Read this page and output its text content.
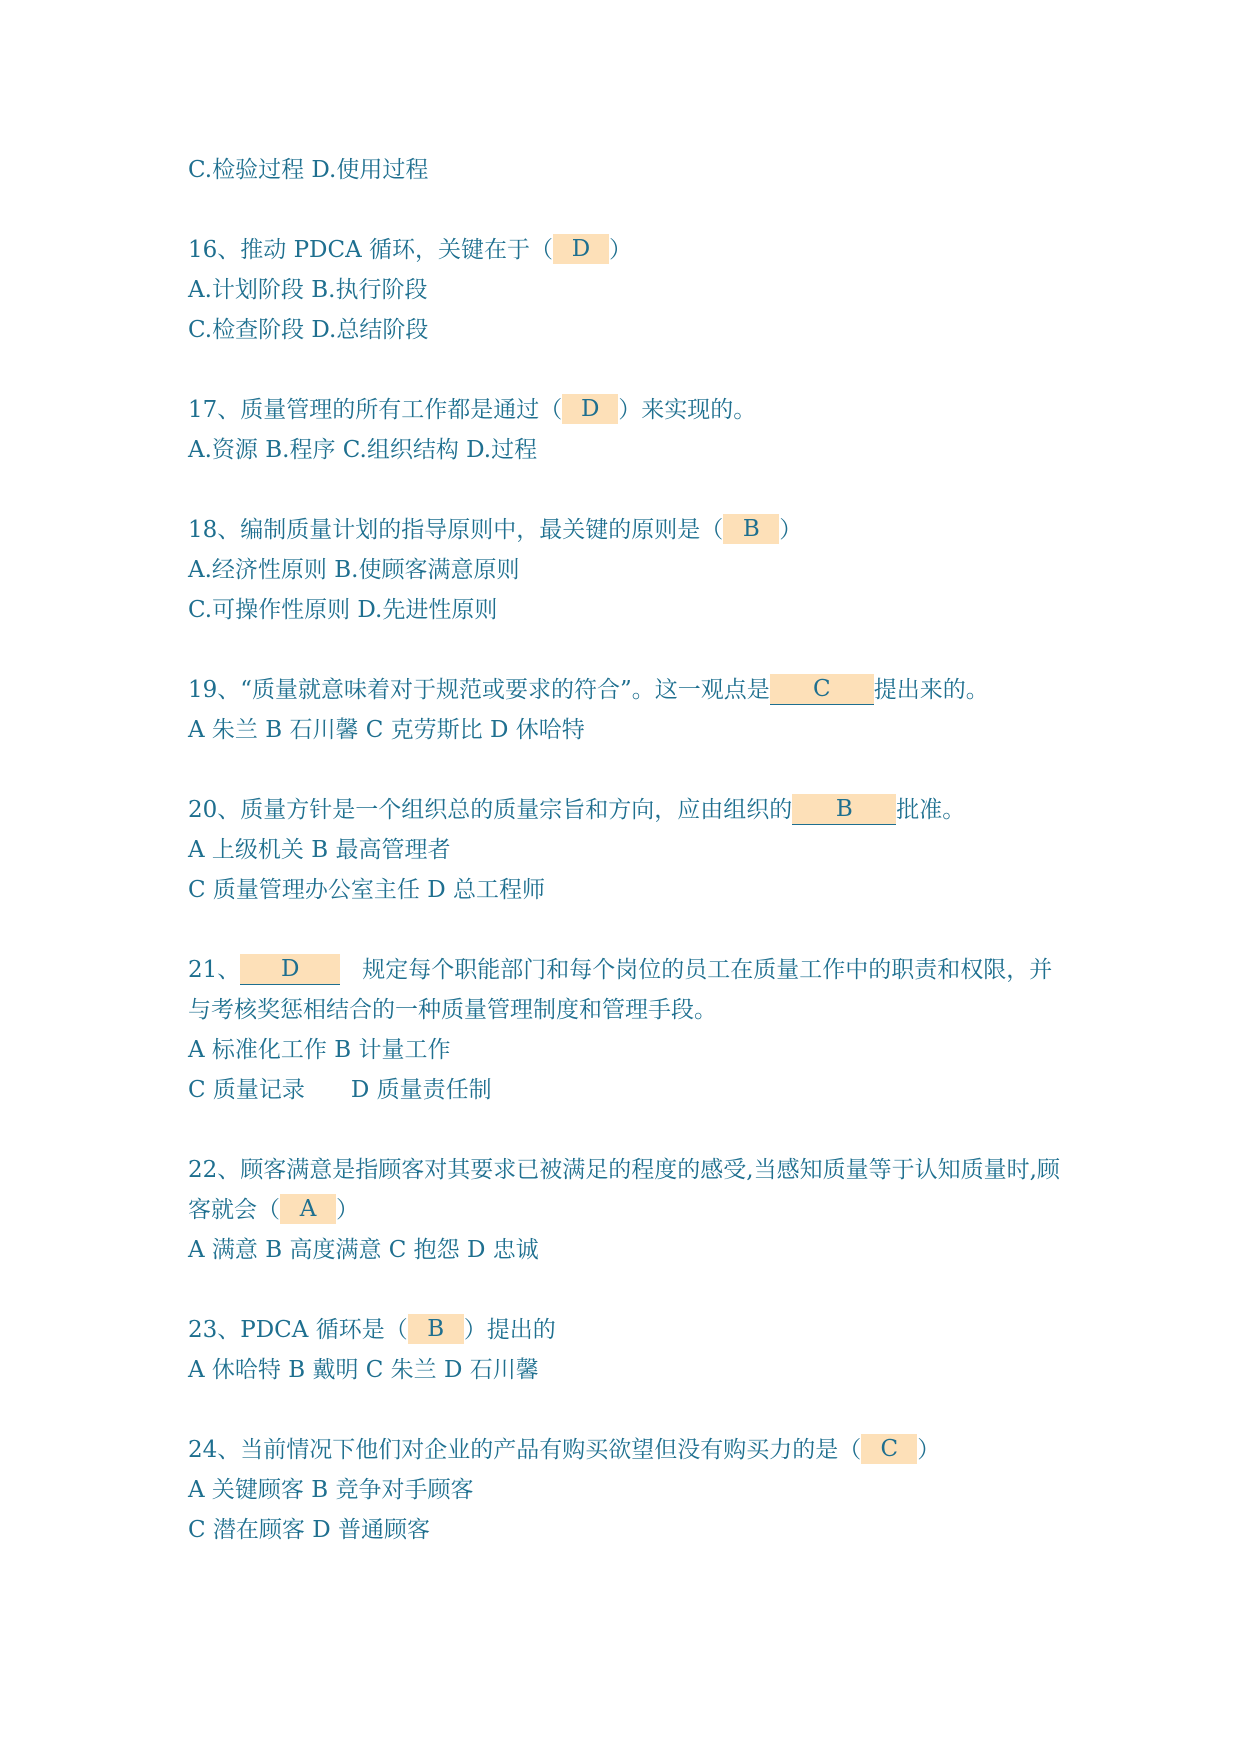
C.检验过程 D.使用过程
16、推动 PDCA 循环，关键在于（ D ）
A.计划阶段 B.执行阶段
C.检查阶段 D.总结阶段
17、质量管理的所有工作都是通过（ D ）来实现的。
A.资源 B.程序 C.组织结构 D.过程
18、编制质量计划的指导原则中，最关键的原则是（ B ）
A.经济性原则 B.使顾客满意原则
C.可操作性原则 D.先进性原则
19、“质量就意味着对于规范或要求的符合”。这一观点是 C 提出来的。
A 朱兰 B 石川馨 C 克劳斯比 D 休哈特
20、质量方针是一个组织总的质量宗旨和方向，应由组织的 B 批准。
A 上级机关 B 最高管理者
C 质量管理办公室主任 D 总工程师
21、 D	规定每个职能部门和每个岗位的员工在质量工作中的职责和权限，并与考核奖惩相结合的一种质量管理制度和管理手段。
A 标准化工作 B 计量工作
C 质量记录　　D 质量责任制
22、顾客满意是指顾客对其要求已被满足的程度的感受,当感知质量等于认知质量时,顾客就会（ A ）
A 满意 B 高度满意 C 抱怨 D 忠诚
23、PDCA 循环是（ B ）提出的
A 休哈特 B 戴明 C 朱兰 D 石川馨
24、当前情况下他们对企业的产品有购买欲望但没有购买力的是（ C ）
A 关键顾客 B 竞争对手顾客
C 潜在顾客 D 普通顾客
